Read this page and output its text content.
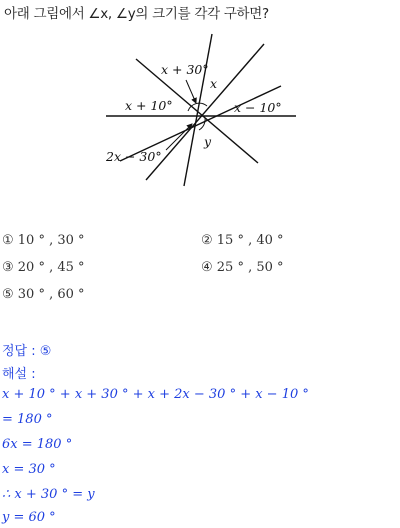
아래 그림에서 ∠x, ∠y의 크기를 각각 구하면?
x + 30°
x
x + 10°	x − 10°
2x − 30°
y
① 10 ° , 30 °	② 15 ° , 40 °
③ 20 ° , 45 °	④ 25 ° , 50 °
⑤ 30 ° , 60 °
정답 : ⑤
해설 :
x + 10 ° + x + 30 ° + x + 2x − 30 ° + x − 10 °
= 180 °
6x = 180 °
x = 30 °
∴ x + 30 ° = y
y = 60 °
